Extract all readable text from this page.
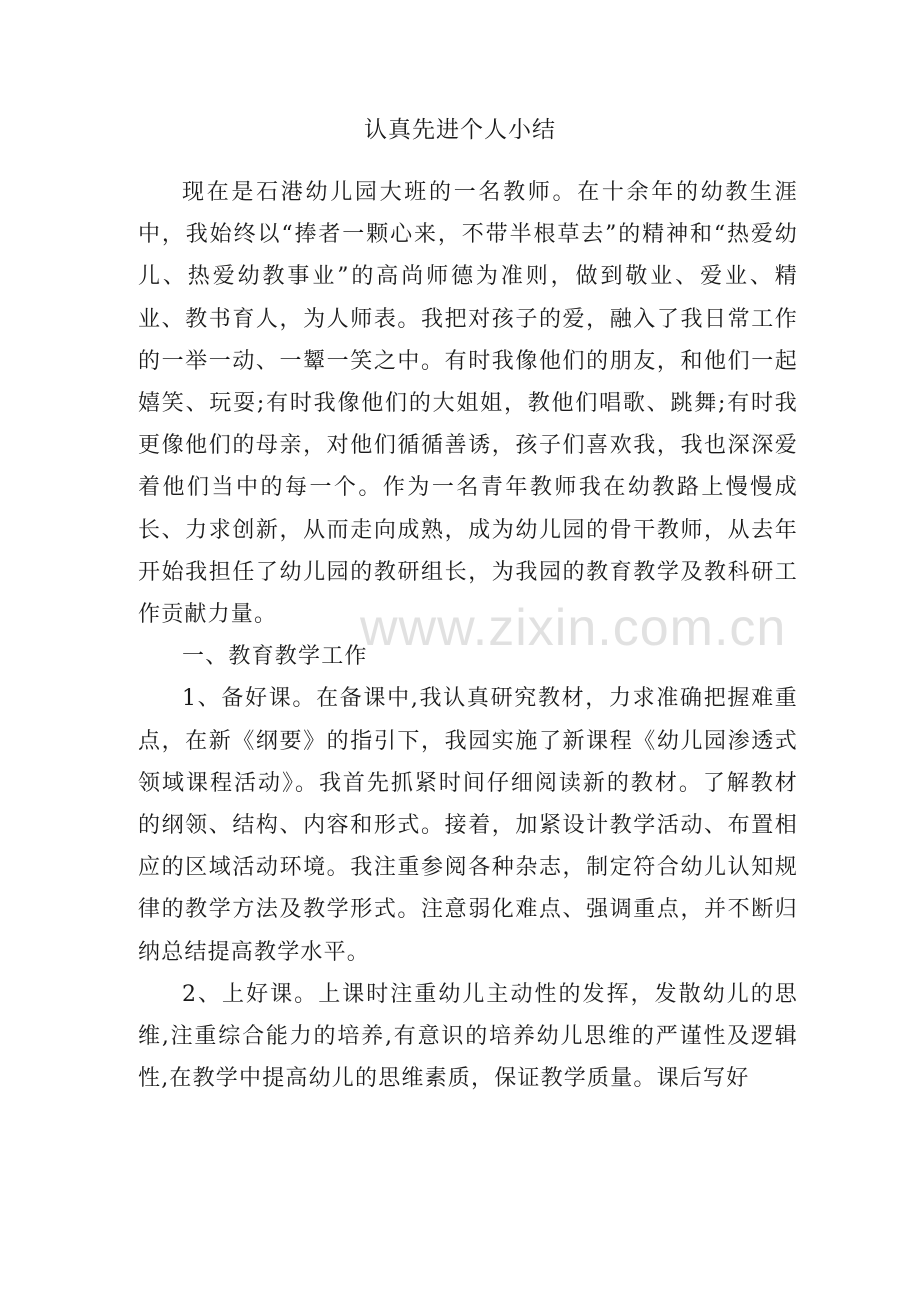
认真先进个人小结

现在是石港幼儿园大班的一名教师。在十余年的幼教生涯中，我始终以“捧者一颗心来，不带半根草去”的精神和“热爱幼儿、热爱幼教事业”的高尚师德为准则，做到敬业、爱业、精业、教书育人，为人师表。我把对孩子的爱，融入了我日常工作的一举一动、一颦一笑之中。有时我像他们的朋友，和他们一起嬉笑、玩耍;有时我像他们的大姐姐，教他们唱歌、跳舞;有时我更像他们的母亲，对他们循循善诱，孩子们喜欢我，我也深深爱着他们当中的每一个。作为一名青年教师我在幼教路上慢慢成长、力求创新，从而走向成熟，成为幼儿园的骨干教师，从去年开始我担任了幼儿园的教研组长，为我园的教育教学及教科研工作贡献力量。

一、教育教学工作

1、备好课。在备课中,我认真研究教材，力求准确把握难重点，在新《纲要》的指引下，我园实施了新课程《幼儿园渗透式领域课程活动》。我首先抓紧时间仔细阅读新的教材。了解教材的纲领、结构、内容和形式。接着，加紧设计教学活动、布置相应的区域活动环境。我注重参阅各种杂志，制定符合幼儿认知规律的教学方法及教学形式。注意弱化难点、强调重点，并不断归纳总结提高教学水平。

2、上好课。上课时注重幼儿主动性的发挥，发散幼儿的思维,注重综合能力的培养,有意识的培养幼儿思维的严谨性及逻辑性,在教学中提高幼儿的思维素质，保证教学质量。课后写好

www.zixin.com.cn
